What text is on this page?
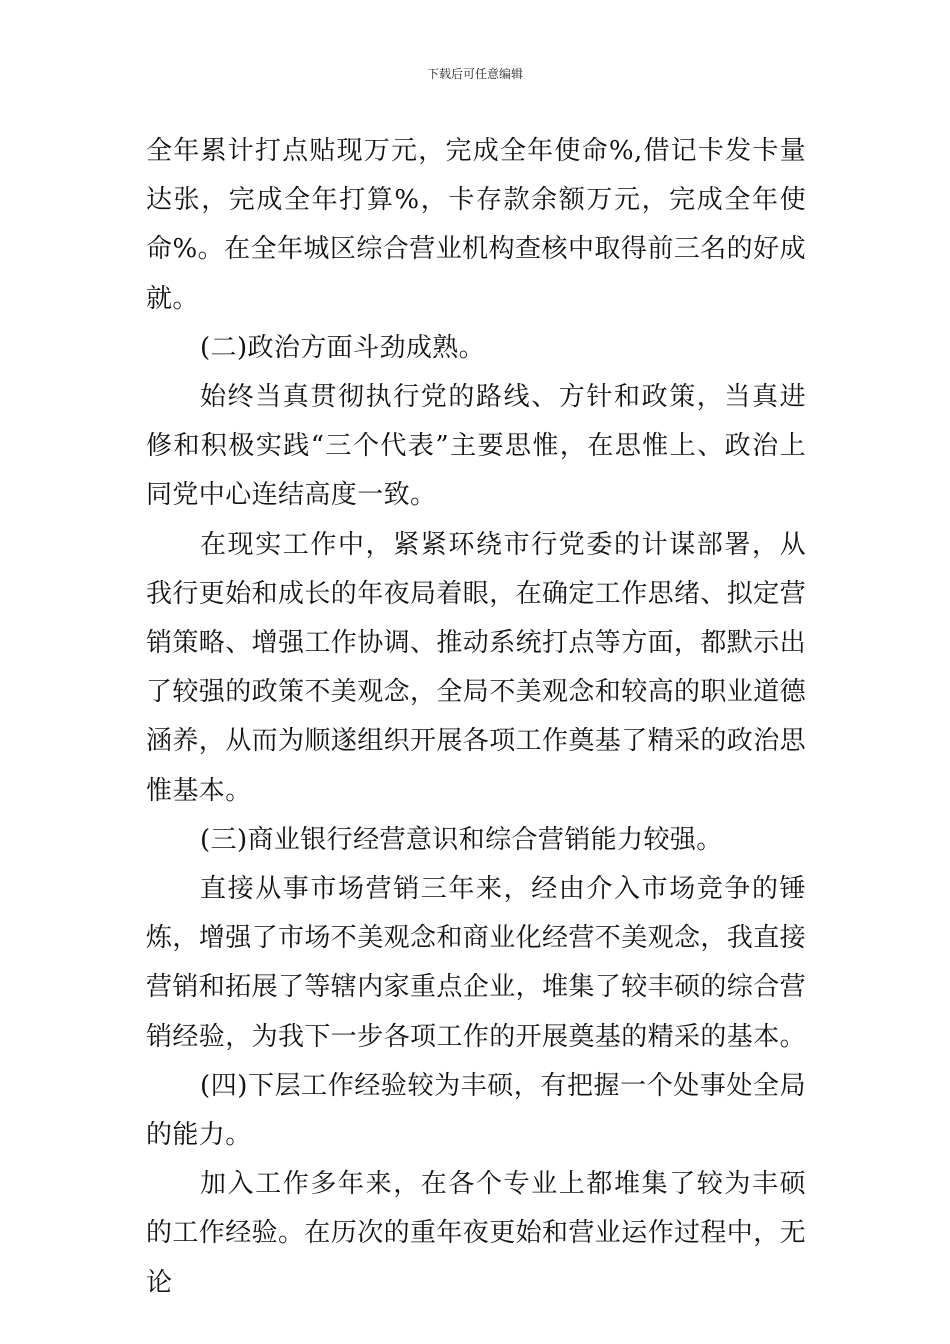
下载后可任意编辑

全年累计打点贴现万元，完成全年使命%,借记卡发卡量达张，完成全年打算%，卡存款余额万元，完成全年使命%。在全年城区综合营业机构查核中取得前三名的好成就。

(二)政治方面斗劲成熟。

始终当真贯彻执行党的路线、方针和政策，当真进修和积极实践“三个代表”主要思惟，在思惟上、政治上同党中心连结高度一致。

在现实工作中，紧紧环绕市行党委的计谋部署，从我行更始和成长的年夜局着眼，在确定工作思绪、拟定营销策略、增强工作协调、推动系统打点等方面，都默示出了较强的政策不美观念，全局不美观念和较高的职业道德涵养，从而为顺遂组织开展各项工作奠基了精采的政治思惟基本。

(三)商业银行经营意识和综合营销能力较强。

直接从事市场营销三年来，经由介入市场竞争的锤炼，增强了市场不美观念和商业化经营不美观念，我直接营销和拓展了等辖内家重点企业，堆集了较丰硕的综合营销经验，为我下一步各项工作的开展奠基的精采的基本。

(四)下层工作经验较为丰硕，有把握一个处事处全局的能力。

加入工作多年来，在各个专业上都堆集了较为丰硕的工作经验。在历次的重年夜更始和营业运作过程中，无论
